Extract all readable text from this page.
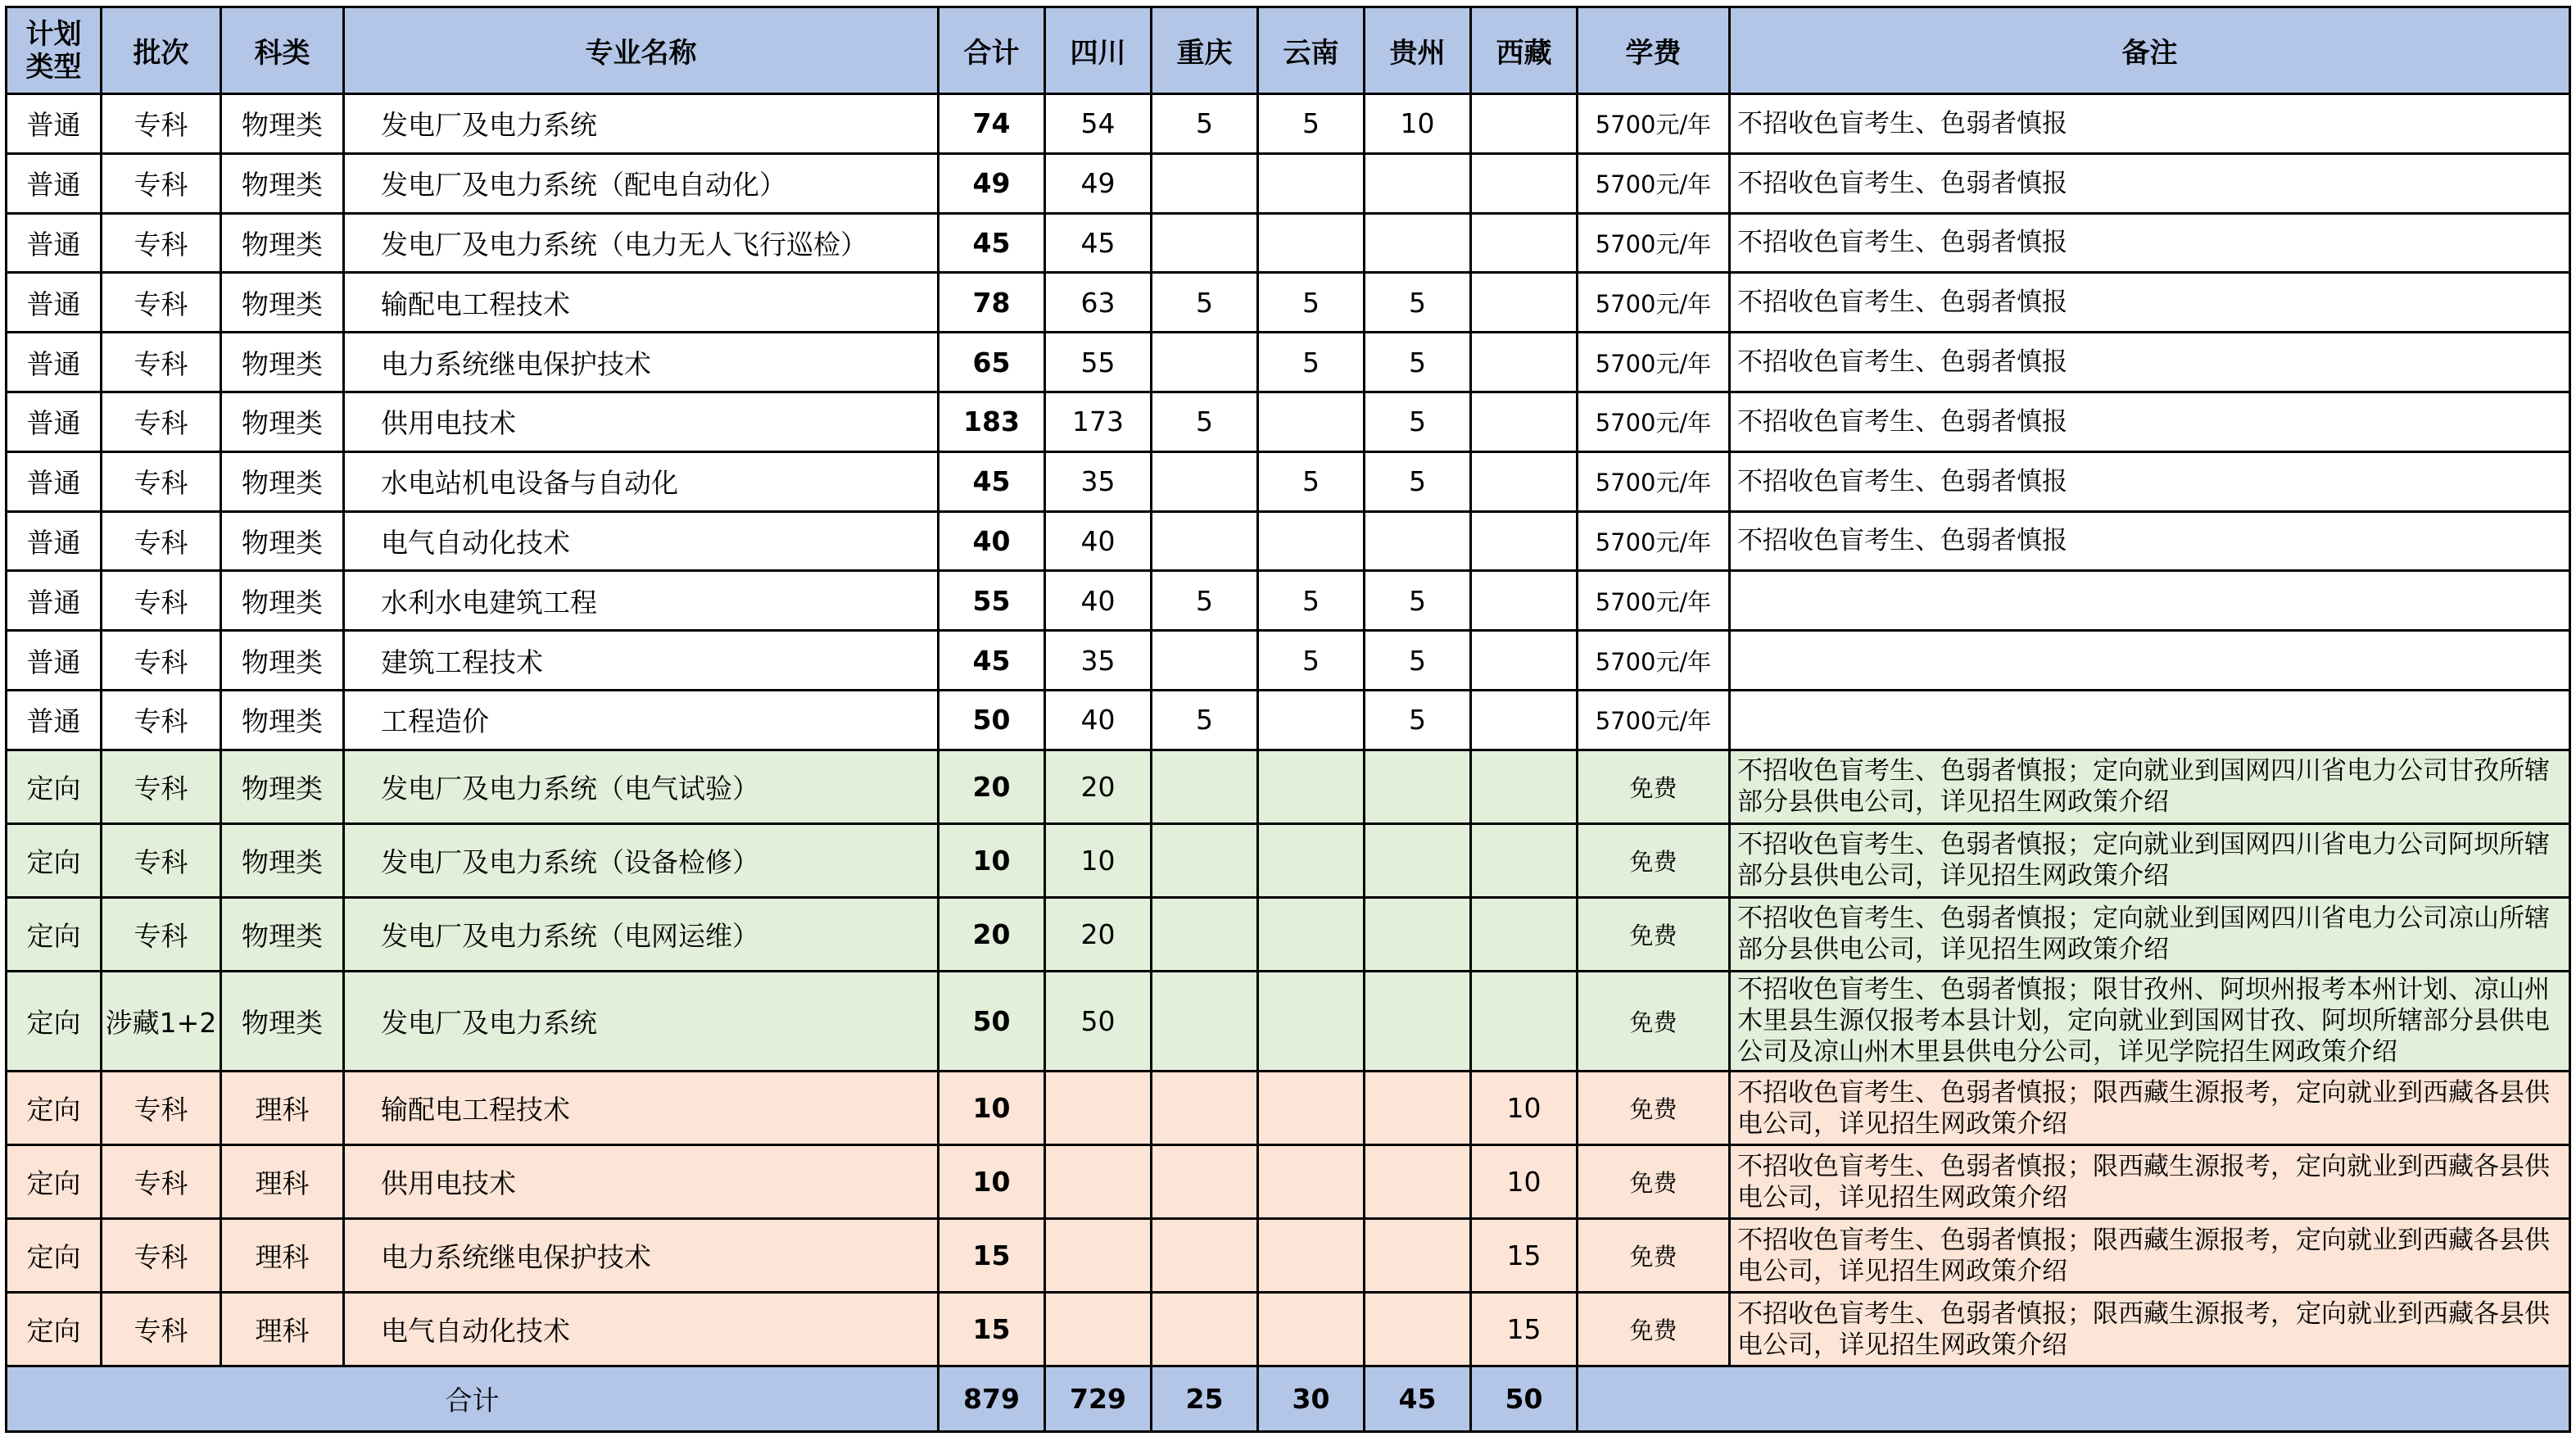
计划
类型	批次	科类	专业名称	合计	四川	重庆	云南	贵州	西藏	学费	备注
普通	专科	物理类	发电厂及电力系统	74	54	5	5	10		5700元/年	不招收色盲考生、色弱者慎报
普通	专科	物理类	发电厂及电力系统（配电自动化）	49	49					5700元/年	不招收色盲考生、色弱者慎报
普通	专科	物理类	发电厂及电力系统（电力无人飞行巡检）	45	45					5700元/年	不招收色盲考生、色弱者慎报
普通	专科	物理类	输配电工程技术	78	63	5	5	5		5700元/年	不招收色盲考生、色弱者慎报
普通	专科	物理类	电力系统继电保护技术	65	55		5	5		5700元/年	不招收色盲考生、色弱者慎报
普通	专科	物理类	供用电技术	183	173	5		5		5700元/年	不招收色盲考生、色弱者慎报
普通	专科	物理类	水电站机电设备与自动化	45	35		5	5		5700元/年	不招收色盲考生、色弱者慎报
普通	专科	物理类	电气自动化技术	40	40					5700元/年	不招收色盲考生、色弱者慎报
普通	专科	物理类	水利水电建筑工程	55	40	5	5	5		5700元/年	
普通	专科	物理类	建筑工程技术	45	35		5	5		5700元/年	
普通	专科	物理类	工程造价	50	40	5		5		5700元/年	
定向	专科	物理类	发电厂及电力系统（电气试验）	20	20					免费	不招收色盲考生、色弱者慎报；定向就业到国网四川省电力公司甘孜所辖部分县供电公司，详见招生网政策介绍
定向	专科	物理类	发电厂及电力系统（设备检修）	10	10					免费	不招收色盲考生、色弱者慎报；定向就业到国网四川省电力公司阿坝所辖部分县供电公司，详见招生网政策介绍
定向	专科	物理类	发电厂及电力系统（电网运维）	20	20					免费	不招收色盲考生、色弱者慎报；定向就业到国网四川省电力公司凉山所辖部分县供电公司，详见招生网政策介绍
定向	涉藏1+2	物理类	发电厂及电力系统	50	50					免费	不招收色盲考生、色弱者慎报；限甘孜州、阿坝州报考本州计划、凉山州木里县生源仅报考本县计划，定向就业到国网甘孜、阿坝所辖部分县供电公司及凉山州木里县供电分公司，详见学院招生网政策介绍
定向	专科	理科	输配电工程技术	10					10	免费	不招收色盲考生、色弱者慎报；限西藏生源报考，定向就业到西藏各县供电公司，详见招生网政策介绍
定向	专科	理科	供用电技术	10					10	免费	不招收色盲考生、色弱者慎报；限西藏生源报考，定向就业到西藏各县供电公司，详见招生网政策介绍
定向	专科	理科	电力系统继电保护技术	15					15	免费	不招收色盲考生、色弱者慎报；限西藏生源报考，定向就业到西藏各县供电公司，详见招生网政策介绍
定向	专科	理科	电气自动化技术	15					15	免费	不招收色盲考生、色弱者慎报；限西藏生源报考，定向就业到西藏各县供电公司，详见招生网政策介绍
合计				879	729	25	30	45	50		
